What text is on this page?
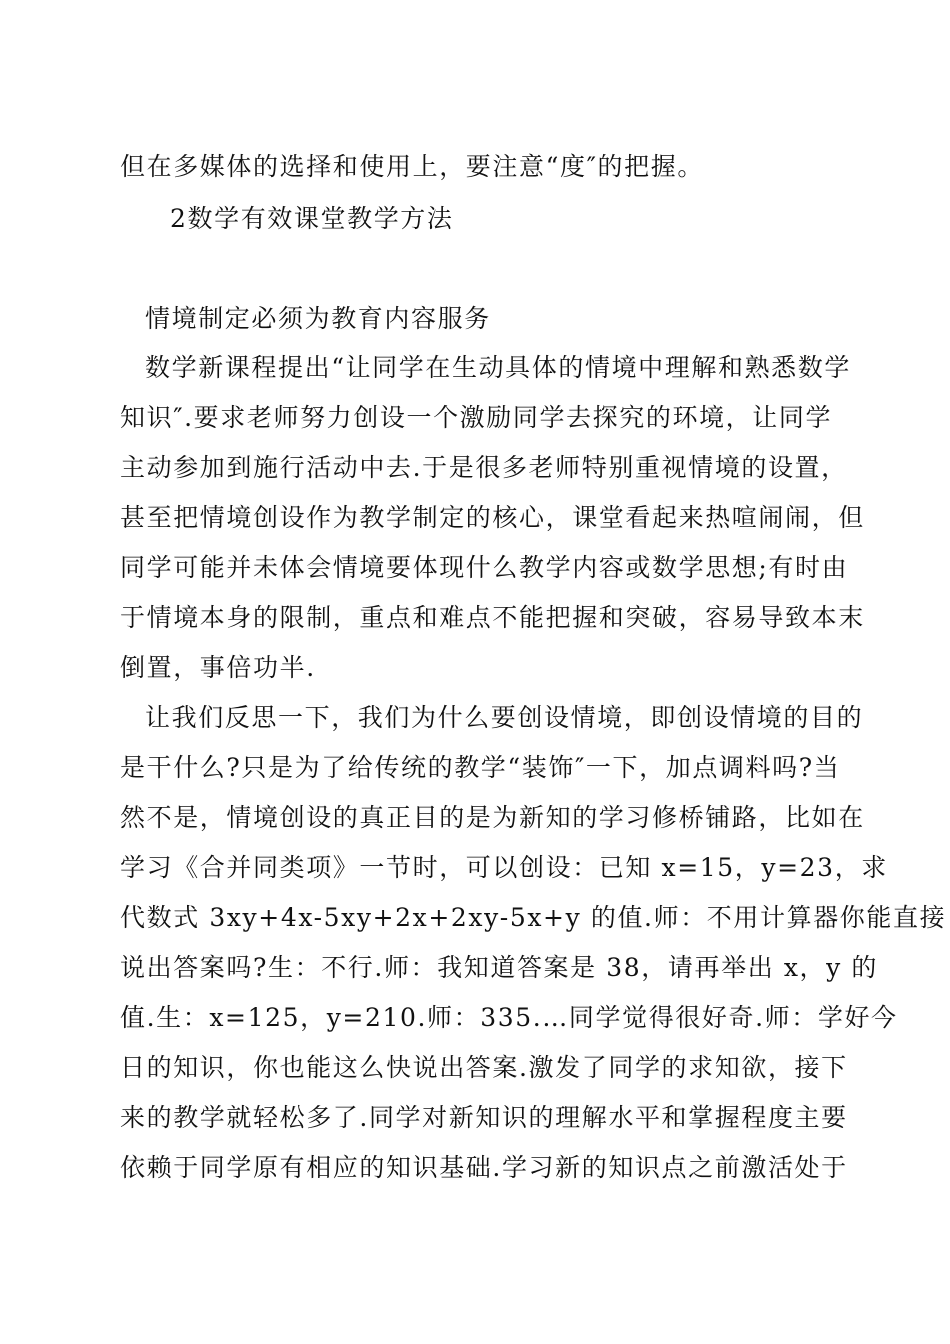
但在多媒体的选择和使用上，要注意“度″的把握。
2数学有效课堂教学方法
情境制定必须为教育内容服务
数学新课程提出“让同学在生动具体的情境中理解和熟悉数学
知识″.要求老师努力创设一个激励同学去探究的环境，让同学
主动参加到施行活动中去.于是很多老师特别重视情境的设置，
甚至把情境创设作为教学制定的核心，课堂看起来热喧闹闹，但
同学可能并未体会情境要体现什么教学内容或数学思想;有时由
于情境本身的限制，重点和难点不能把握和突破，容易导致本末
倒置，事倍功半.
让我们反思一下，我们为什么要创设情境，即创设情境的目的
是干什么?只是为了给传统的教学“装饰″一下，加点调料吗?当
然不是，情境创设的真正目的是为新知的学习修桥铺路，比如在
学习《合并同类项》一节时，可以创设：已知 x=15，y=23，求
代数式 3xy+4x-5xy+2x+2xy-5x+y 的值.师：不用计算器你能直接
说出答案吗?生：不行.师：我知道答案是 38，请再举出 x，y 的
值.生：x=125，y=210.师：335.…同学觉得很好奇.师：学好今
日的知识，你也能这么快说出答案.激发了同学的求知欲，接下
来的教学就轻松多了.同学对新知识的理解水平和掌握程度主要
依赖于同学原有相应的知识基础.学习新的知识点之前激活处于
